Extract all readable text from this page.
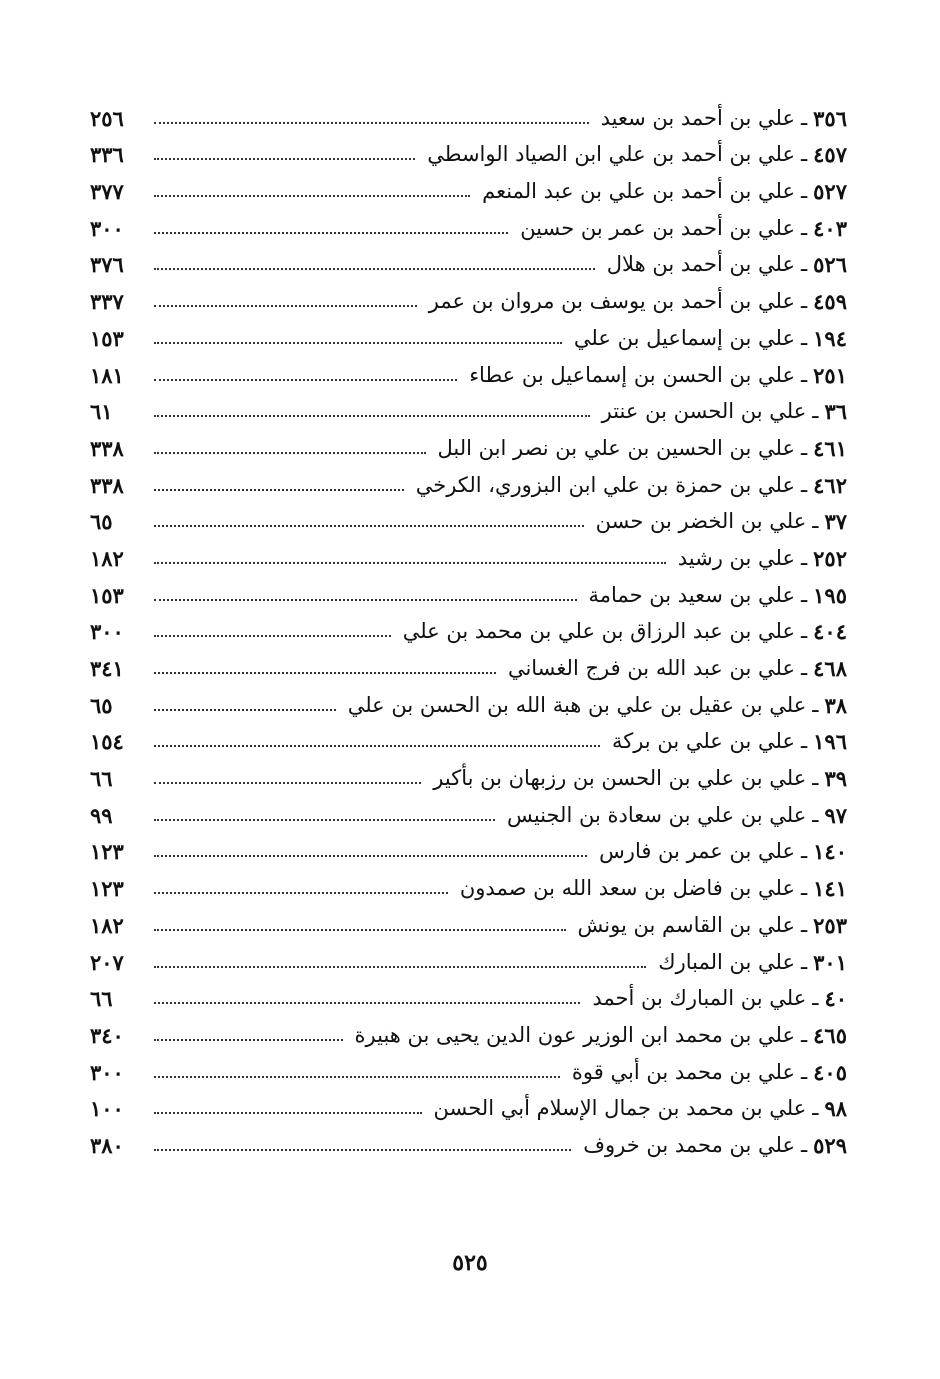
٣٥٦
ـ
علي بن أحمد بن سعيد
٢٥٦
٤٥٧
ـ
علي بن أحمد بن علي ابن الصياد الواسطي
٣٣٦
٥٢٧
ـ
علي بن أحمد بن علي بن عبد المنعم
٣٧٧
٤٠٣
ـ
علي بن أحمد بن عمر بن حسين
٣٠٠
٥٢٦
ـ
علي بن أحمد بن هلال
٣٧٦
٤٥٩
ـ
علي بن أحمد بن يوسف بن مروان بن عمر
٣٣٧
١٩٤
ـ
علي بن إسماعيل بن علي
١٥٣
٢٥١
ـ
علي بن الحسن بن إسماعيل بن عطاء
١٨١
٣٦
ـ
علي بن الحسن بن عنتر
٦١
٤٦١
ـ
علي بن الحسين بن علي بن نصر ابن البل
٣٣٨
٤٦٢
ـ
علي بن حمزة بن علي ابن البزوري، الكرخي
٣٣٨
٣٧
ـ
علي بن الخضر بن حسن
٦٥
٢٥٢
ـ
علي بن رشيد
١٨٢
١٩٥
ـ
علي بن سعيد بن حمامة
١٥٣
٤٠٤
ـ
علي بن عبد الرزاق بن علي بن محمد بن علي
٣٠٠
٤٦٨
ـ
علي بن عبد الله بن فرج الغساني
٣٤١
٣٨
ـ
علي بن عقيل بن علي بن هبة الله بن الحسن بن علي
٦٥
١٩٦
ـ
علي بن علي بن بركة
١٥٤
٣٩
ـ
علي بن علي بن الحسن بن رزبهان بن بأكير
٦٦
٩٧
ـ
علي بن علي بن سعادة بن الجنيس
٩٩
١٤٠
ـ
علي بن عمر بن فارس
١٢٣
١٤١
ـ
علي بن فاضل بن سعد الله بن صمدون
١٢٣
٢٥٣
ـ
علي بن القاسم بن يونش
١٨٢
٣٠١
ـ
علي بن المبارك
٢٠٧
٤٠
ـ
علي بن المبارك بن أحمد
٦٦
٤٦٥
ـ
علي بن محمد ابن الوزير عون الدين يحيى بن هبيرة
٣٤٠
٤٠٥
ـ
علي بن محمد بن أبي قوة
٣٠٠
٩٨
ـ
علي بن محمد بن جمال الإسلام أبي الحسن
١٠٠
٥٢٩
ـ
علي بن محمد بن خروف
٣٨٠
٥٢٥
